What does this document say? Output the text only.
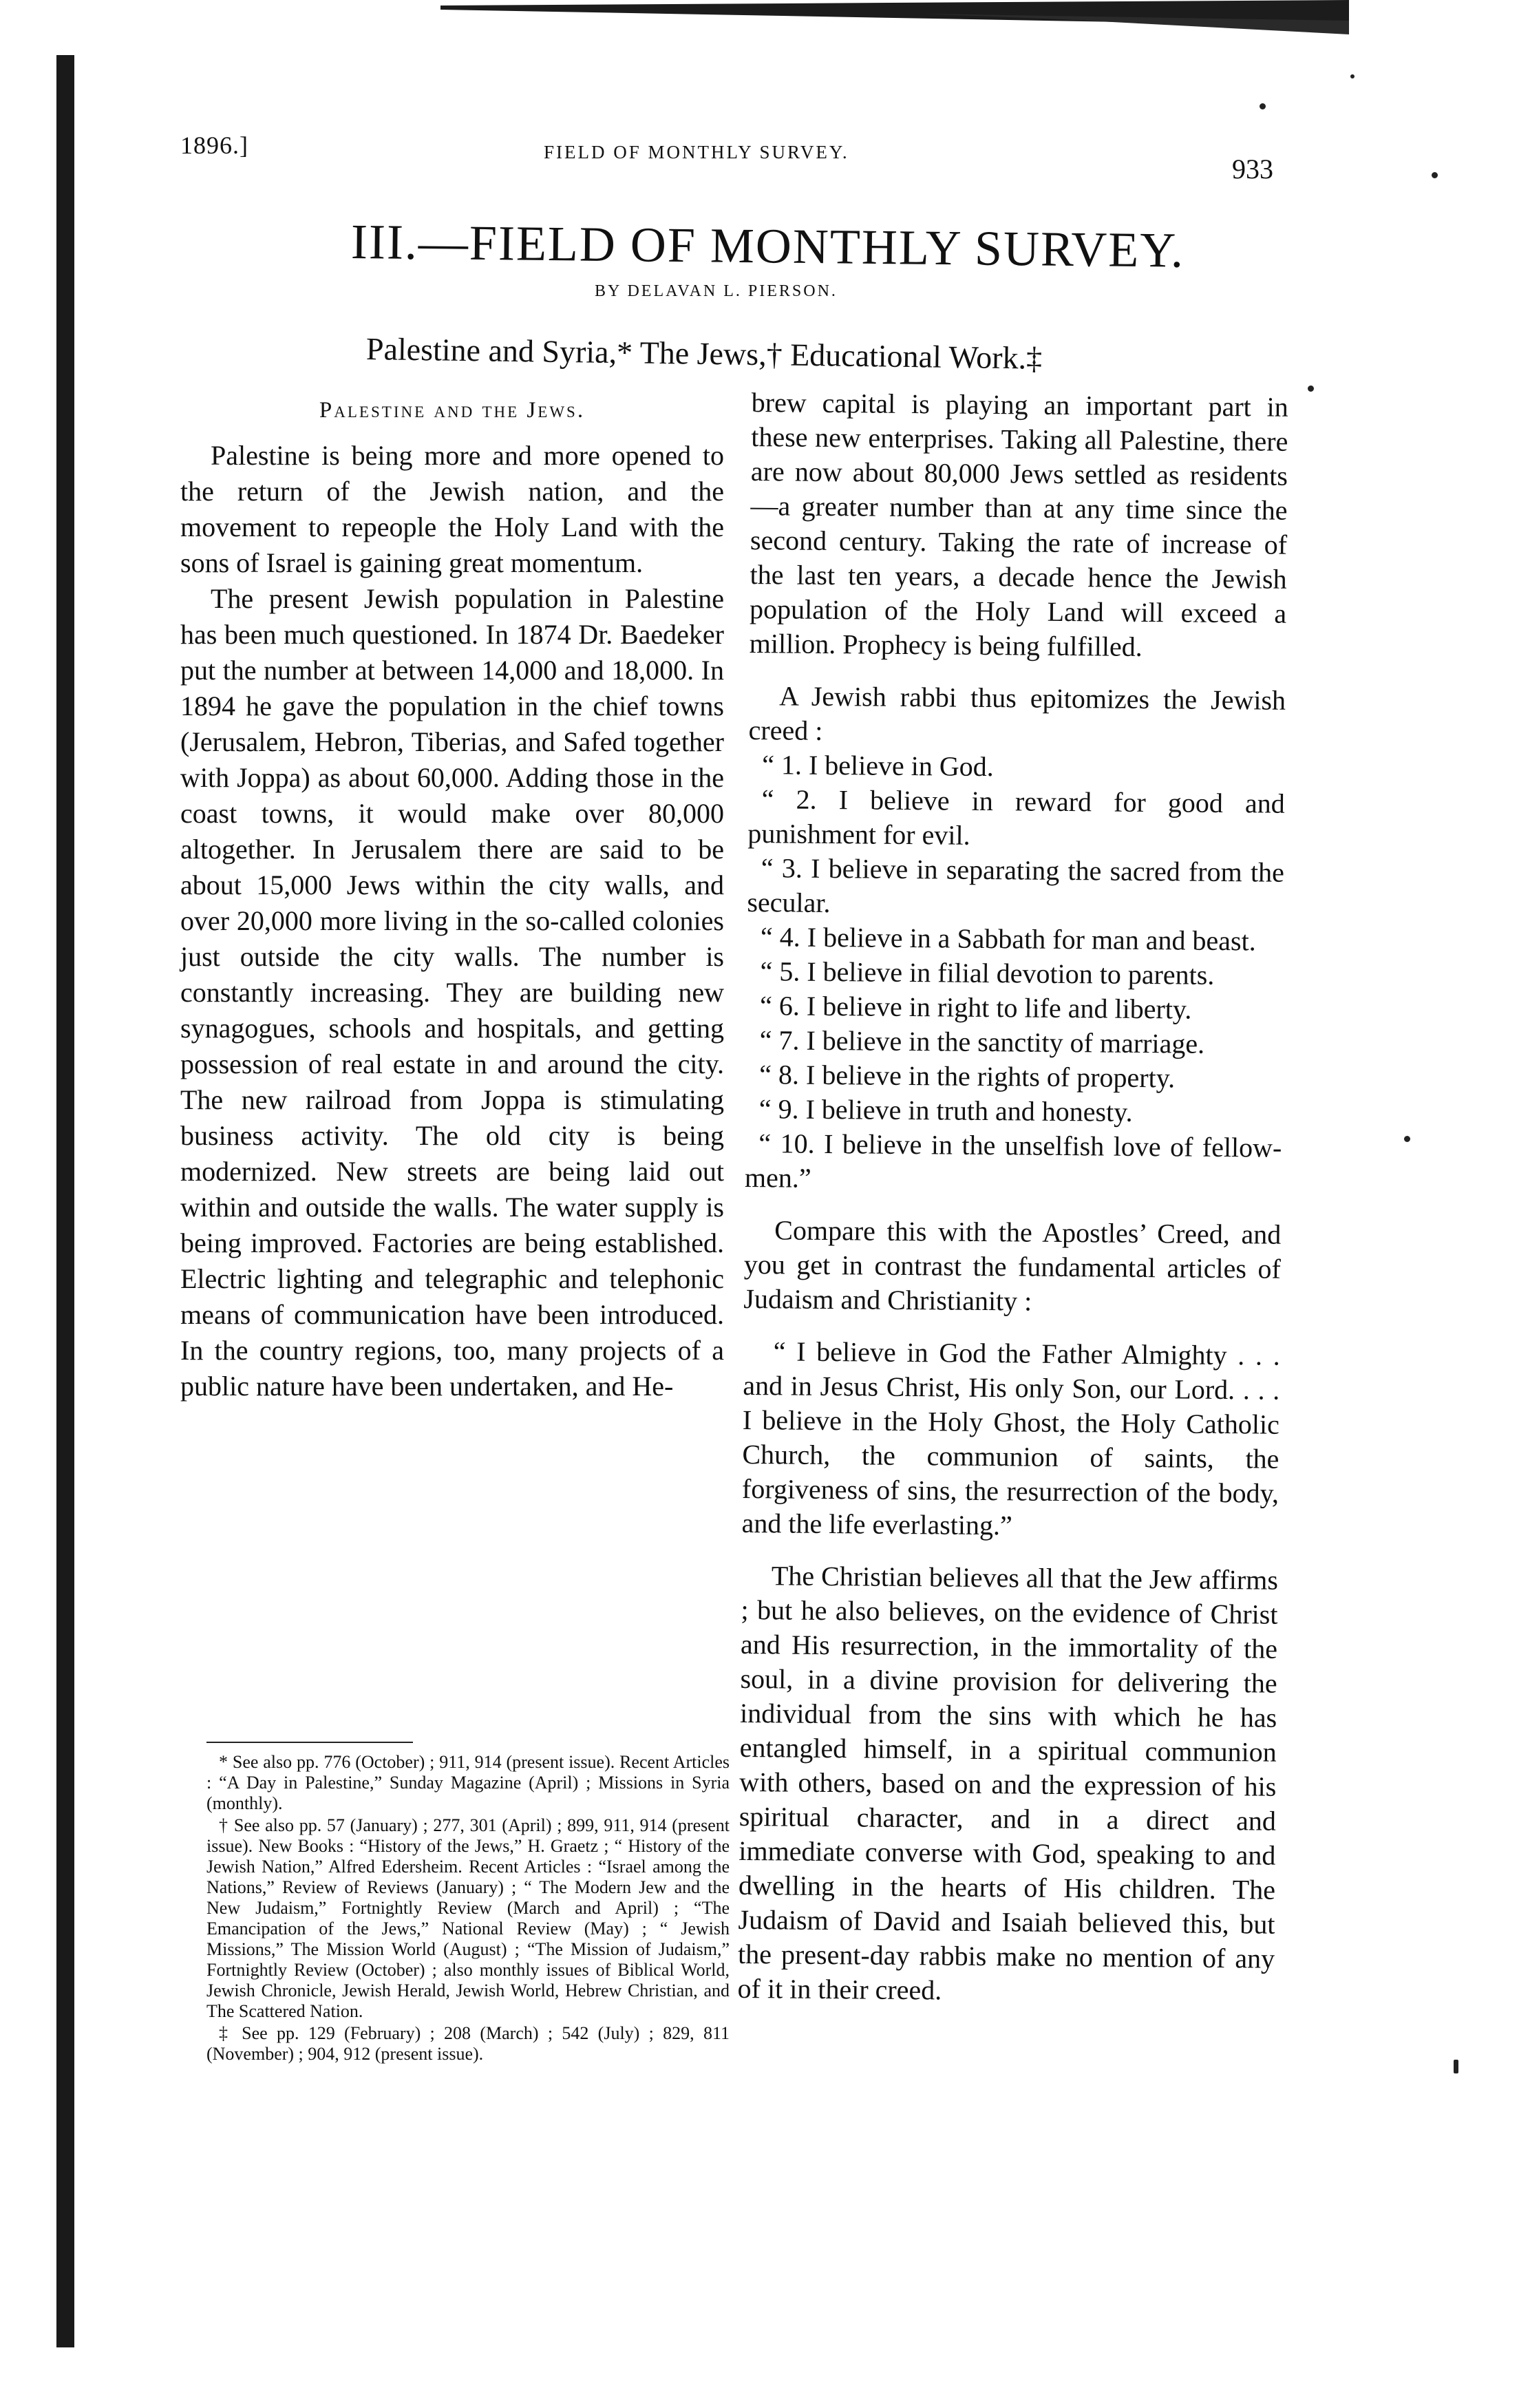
1896.]	FIELD OF MONTHLY SURVEY.
933
III.—FIELD OF MONTHLY SURVEY.
BY DELAVAN L. PIERSON.
Palestine and Syria,* The Jews,† Educational Work.‡

Palestine and the Jews.

Palestine is being more and more opened to the return of the Jewish nation, and the movement to repeople the Holy Land with the sons of Israel is gaining great momentum.

The present Jewish population in Palestine has been much questioned. In 1874 Dr. Baedeker put the number at between 14,000 and 18,000. In 1894 he gave the population in the chief towns (Jerusalem, Hebron, Tiberias, and Safed together with Joppa) as about 60,000. Adding those in the coast towns, it would make over 80,000 altogether. In Jerusalem there are said to be about 15,000 Jews within the city walls, and over 20,000 more living in the so-called colonies just outside the city walls. The number is constantly increasing. They are building new synagogues, schools and hospitals, and getting possession of real estate in and around the city. The new railroad from Joppa is stimulating business activity. The old city is being modernized. New streets are being laid out within and outside the walls. The water supply is being improved. Factories are being established. Electric lighting and telegraphic and telephonic means of communication have been introduced. In the country regions, too, many projects of a public nature have been undertaken, and He-

* See also pp. 776 (October) ; 911, 914 (present issue). Recent Articles : “A Day in Palestine,” Sunday Magazine (April) ; Missions in Syria (monthly).

† See also pp. 57 (January) ; 277, 301 (April) ; 899, 911, 914 (present issue). New Books : “History of the Jews,” H. Graetz ; “ History of the Jewish Nation,” Alfred Edersheim. Recent Articles : “Israel among the Nations,” Review of Reviews (January) ; “ The Modern Jew and the New Judaism,” Fortnightly Review (March and April) ; “The Emancipation of the Jews,” National Review (May) ; “ Jewish Missions,” The Mission World (August) ; “The Mission of Judaism,” Fortnightly Review (October) ; also monthly issues of Biblical World, Jewish Chronicle, Jewish Herald, Jewish World, Hebrew Christian, and The Scattered Nation.

‡ See pp. 129 (February) ; 208 (March) ; 542 (July) ; 829, 811 (November) ; 904, 912 (present issue).

brew capital is playing an important part in these new enterprises. Taking all Palestine, there are now about 80,000 Jews settled as residents—a greater number than at any time since the second century. Taking the rate of increase of the last ten years, a decade hence the Jewish population of the Holy Land will exceed a million. Prophecy is being fulfilled.

A Jewish rabbi thus epitomizes the Jewish creed :

“ 1. I believe in God.

“ 2. I believe in reward for good and punishment for evil.

“ 3. I believe in separating the sacred from the secular.

“ 4. I believe in a Sabbath for man and beast.

“ 5. I believe in filial devotion to parents.

“ 6. I believe in right to life and liberty.

“ 7. I believe in the sanctity of marriage.

“ 8. I believe in the rights of property.

“ 9. I believe in truth and honesty.

“ 10. I believe in the unselfish love of fellow-men.”

Compare this with the Apostles’ Creed, and you get in contrast the fundamental articles of Judaism and Christianity :

“ I believe in God the Father Almighty . . . and in Jesus Christ, His only Son, our Lord. . . . I believe in the Holy Ghost, the Holy Catholic Church, the communion of saints, the forgiveness of sins, the resurrection of the body, and the life everlasting.”

The Christian believes all that the Jew affirms ; but he also believes, on the evidence of Christ and His resurrection, in the immortality of the soul, in a divine provision for delivering the individual from the sins with which he has entangled himself, in a spiritual communion with others, based on and the expression of his spiritual character, and in a direct and immediate converse with God, speaking to and dwelling in the hearts of His children. The Judaism of David and Isaiah believed this, but the present-day rabbis make no mention of any of it in their creed.
